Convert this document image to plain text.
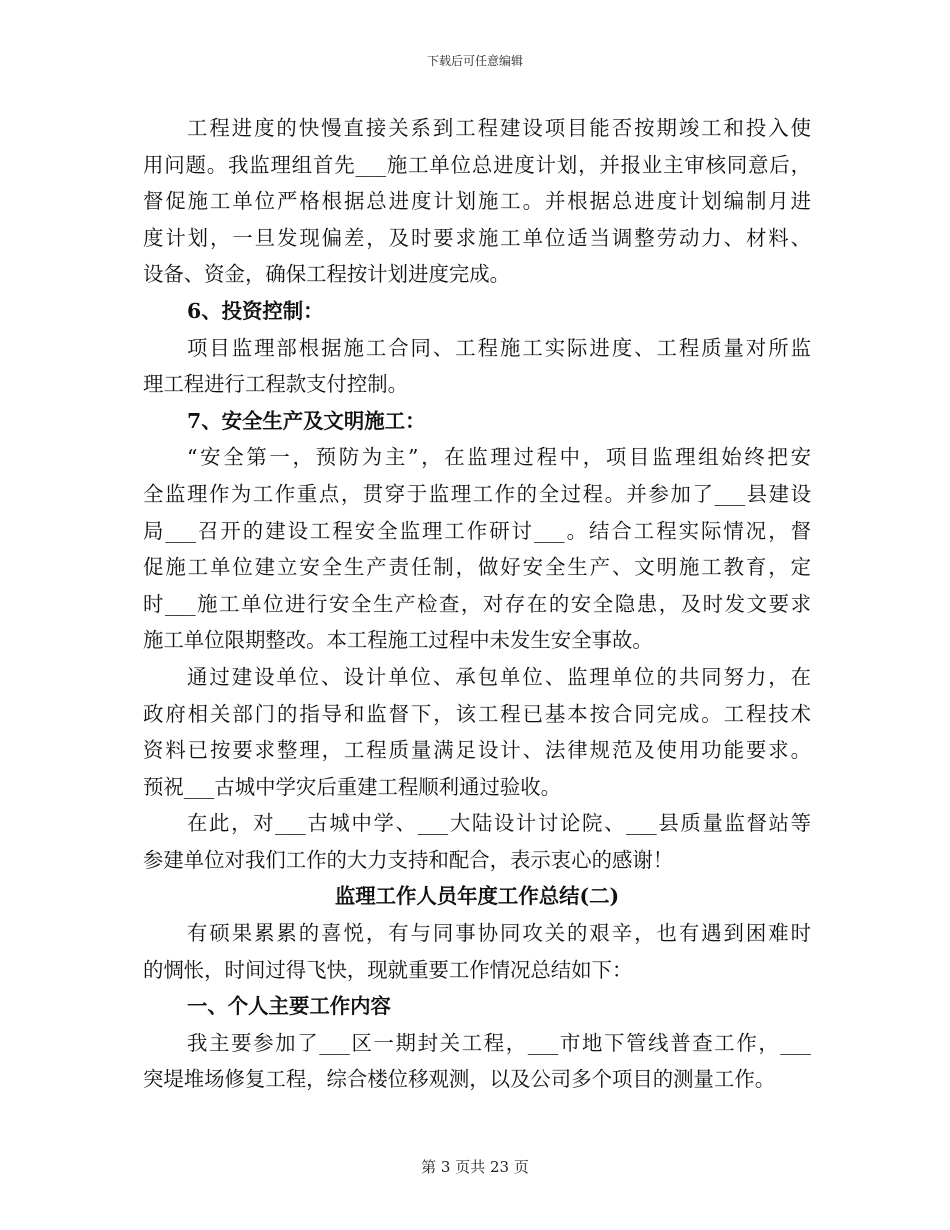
下载后可任意编辑
工程进度的快慢直接关系到工程建设项目能否按期竣工和投入使
用问题。我监理组首先___施工单位总进度计划，并报业主审核同意后，
督促施工单位严格根据总进度计划施工。并根据总进度计划编制月进
度计划，一旦发现偏差，及时要求施工单位适当调整劳动力、材料、
设备、资金，确保工程按计划进度完成。
6、投资控制：
项目监理部根据施工合同、工程施工实际进度、工程质量对所监
理工程进行工程款支付控制。
7、安全生产及文明施工：
“安全第一，预防为主”，在监理过程中，项目监理组始终把安
全监理作为工作重点，贯穿于监理工作的全过程。并参加了___县建设
局___召开的建设工程安全监理工作研讨___。结合工程实际情况，督
促施工单位建立安全生产责任制，做好安全生产、文明施工教育，定
时___施工单位进行安全生产检查，对存在的安全隐患，及时发文要求
施工单位限期整改。本工程施工过程中未发生安全事故。
通过建设单位、设计单位、承包单位、监理单位的共同努力，在
政府相关部门的指导和监督下，该工程已基本按合同完成。工程技术
资料已按要求整理，工程质量满足设计、法律规范及使用功能要求。
预祝___古城中学灾后重建工程顺利通过验收。
在此，对___古城中学、___大陆设计讨论院、___县质量监督站等
参建单位对我们工作的大力支持和配合，表示衷心的感谢！
监理工作人员年度工作总结(二)
有硕果累累的喜悦，有与同事协同攻关的艰辛，也有遇到困难时
的惆怅，时间过得飞快，现就重要工作情况总结如下：
一、个人主要工作内容
我主要参加了___区一期封关工程，___市地下管线普查工作，___
突堤堆场修复工程，综合楼位移观测，以及公司多个项目的测量工作。
第 3 页共 23 页
